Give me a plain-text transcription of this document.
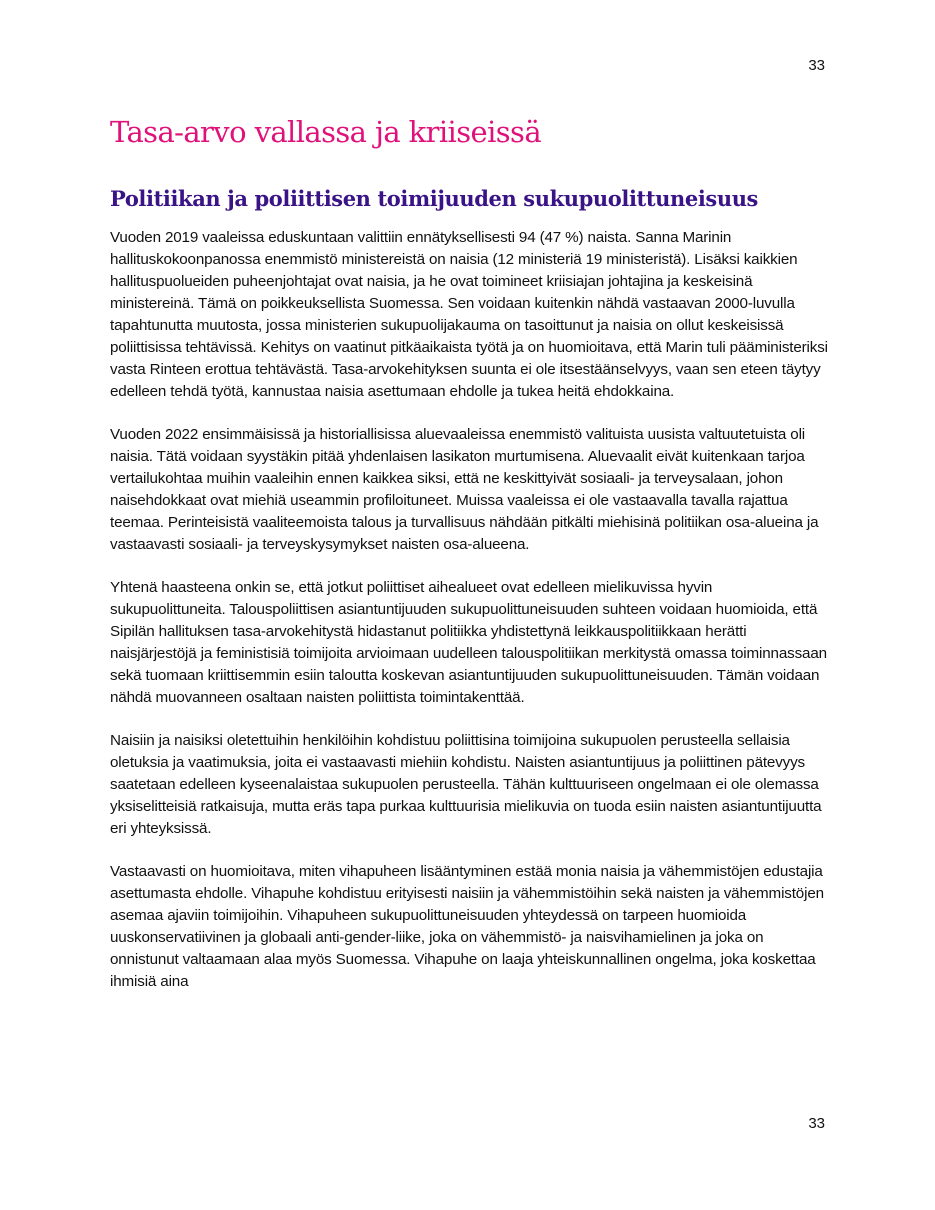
33
Tasa-arvo vallassa ja kriiseissä
Politiikan ja poliittisen toimijuuden sukupuolittuneisuus

Vuoden 2019 vaaleissa eduskuntaan valittiin ennätyksellisesti 94 (47 %) naista. Sanna Marinin hallituskokoonpanossa enemmistö ministereistä on naisia (12 ministeriä 19 ministeristä). Lisäksi kaikkien hallituspuolueiden puheenjohtajat ovat naisia, ja he ovat toimineet kriisiajan johtajina ja keskeisinä ministereinä. Tämä on poikkeuksellista Suomessa. Sen voidaan kuitenkin nähdä vastaavan 2000-luvulla tapahtunutta muutosta, jossa ministerien sukupuolijakauma on tasoittunut ja naisia on ollut keskeisissä poliittisissa tehtävissä. Kehitys on vaatinut pitkäaikaista työtä ja on huomioitava, että Marin tuli pääministeriksi vasta Rinteen erottua tehtävästä. Tasa-arvokehityksen suunta ei ole itsestäänselvyys, vaan sen eteen täytyy edelleen tehdä työtä, kannustaa naisia asettumaan ehdolle ja tukea heitä ehdokkaina.

Vuoden 2022 ensimmäisissä ja historiallisissa aluevaaleissa enemmistö valituista uusista valtuutetuista oli naisia. Tätä voidaan syystäkin pitää yhdenlaisen lasikaton murtumisena. Aluevaalit eivät kuitenkaan tarjoa vertailukohtaa muihin vaaleihin ennen kaikkea siksi, että ne keskittyivät sosiaali- ja terveysalaan, johon naisehdokkaat ovat miehiä useammin profiloituneet. Muissa vaaleissa ei ole vastaavalla tavalla rajattua teemaa. Perinteisistä vaaliteemoista talous ja turvallisuus nähdään pitkälti miehisinä politiikan osa-alueina ja vastaavasti sosiaali- ja terveyskysymykset naisten osa-alueena.

Yhtenä haasteena onkin se, että jotkut poliittiset aihealueet ovat edelleen mielikuvissa hyvin sukupuolittuneita. Talouspoliittisen asiantuntijuuden sukupuolittuneisuuden suhteen voidaan huomioida, että Sipilän hallituksen tasa-arvokehitystä hidastanut politiikka yhdistettynä leikkauspolitiikkaan herätti naisjärjestöjä ja feministisiä toimijoita arvioimaan uudelleen talouspolitiikan merkitystä omassa toiminnassaan sekä tuomaan kriittisemmin esiin taloutta koskevan asiantuntijuuden sukupuolittuneisuuden. Tämän voidaan nähdä muovanneen osaltaan naisten poliittista toimintakenttää.

Naisiin ja naisiksi oletettuihin henkilöihin kohdistuu poliittisina toimijoina sukupuolen perusteella sellaisia oletuksia ja vaatimuksia, joita ei vastaavasti miehiin kohdistu. Naisten asiantuntijuus ja poliittinen pätevyys saatetaan edelleen kyseenalaistaa sukupuolen perusteella. Tähän kulttuuriseen ongelmaan ei ole olemassa yksiselitteisiä ratkaisuja, mutta eräs tapa purkaa kulttuurisia mielikuvia on tuoda esiin naisten asiantuntijuutta eri yhteyksissä.

Vastaavasti on huomioitava, miten vihapuheen lisääntyminen estää monia naisia ja vähemmistöjen edustajia asettumasta ehdolle. Vihapuhe kohdistuu erityisesti naisiin ja vähemmistöihin sekä naisten ja vähemmistöjen asemaa ajaviin toimijoihin. Vihapuheen sukupuolittuneisuuden yhteydessä on tarpeen huomioida uuskonservatiivinen ja globaali anti-gender-liike, joka on vähemmistö- ja naisvihamielinen ja joka on onnistunut valtaamaan alaa myös Suomessa. Vihapuhe on laaja yhteiskunnallinen ongelma, joka koskettaa ihmisiä aina

33
